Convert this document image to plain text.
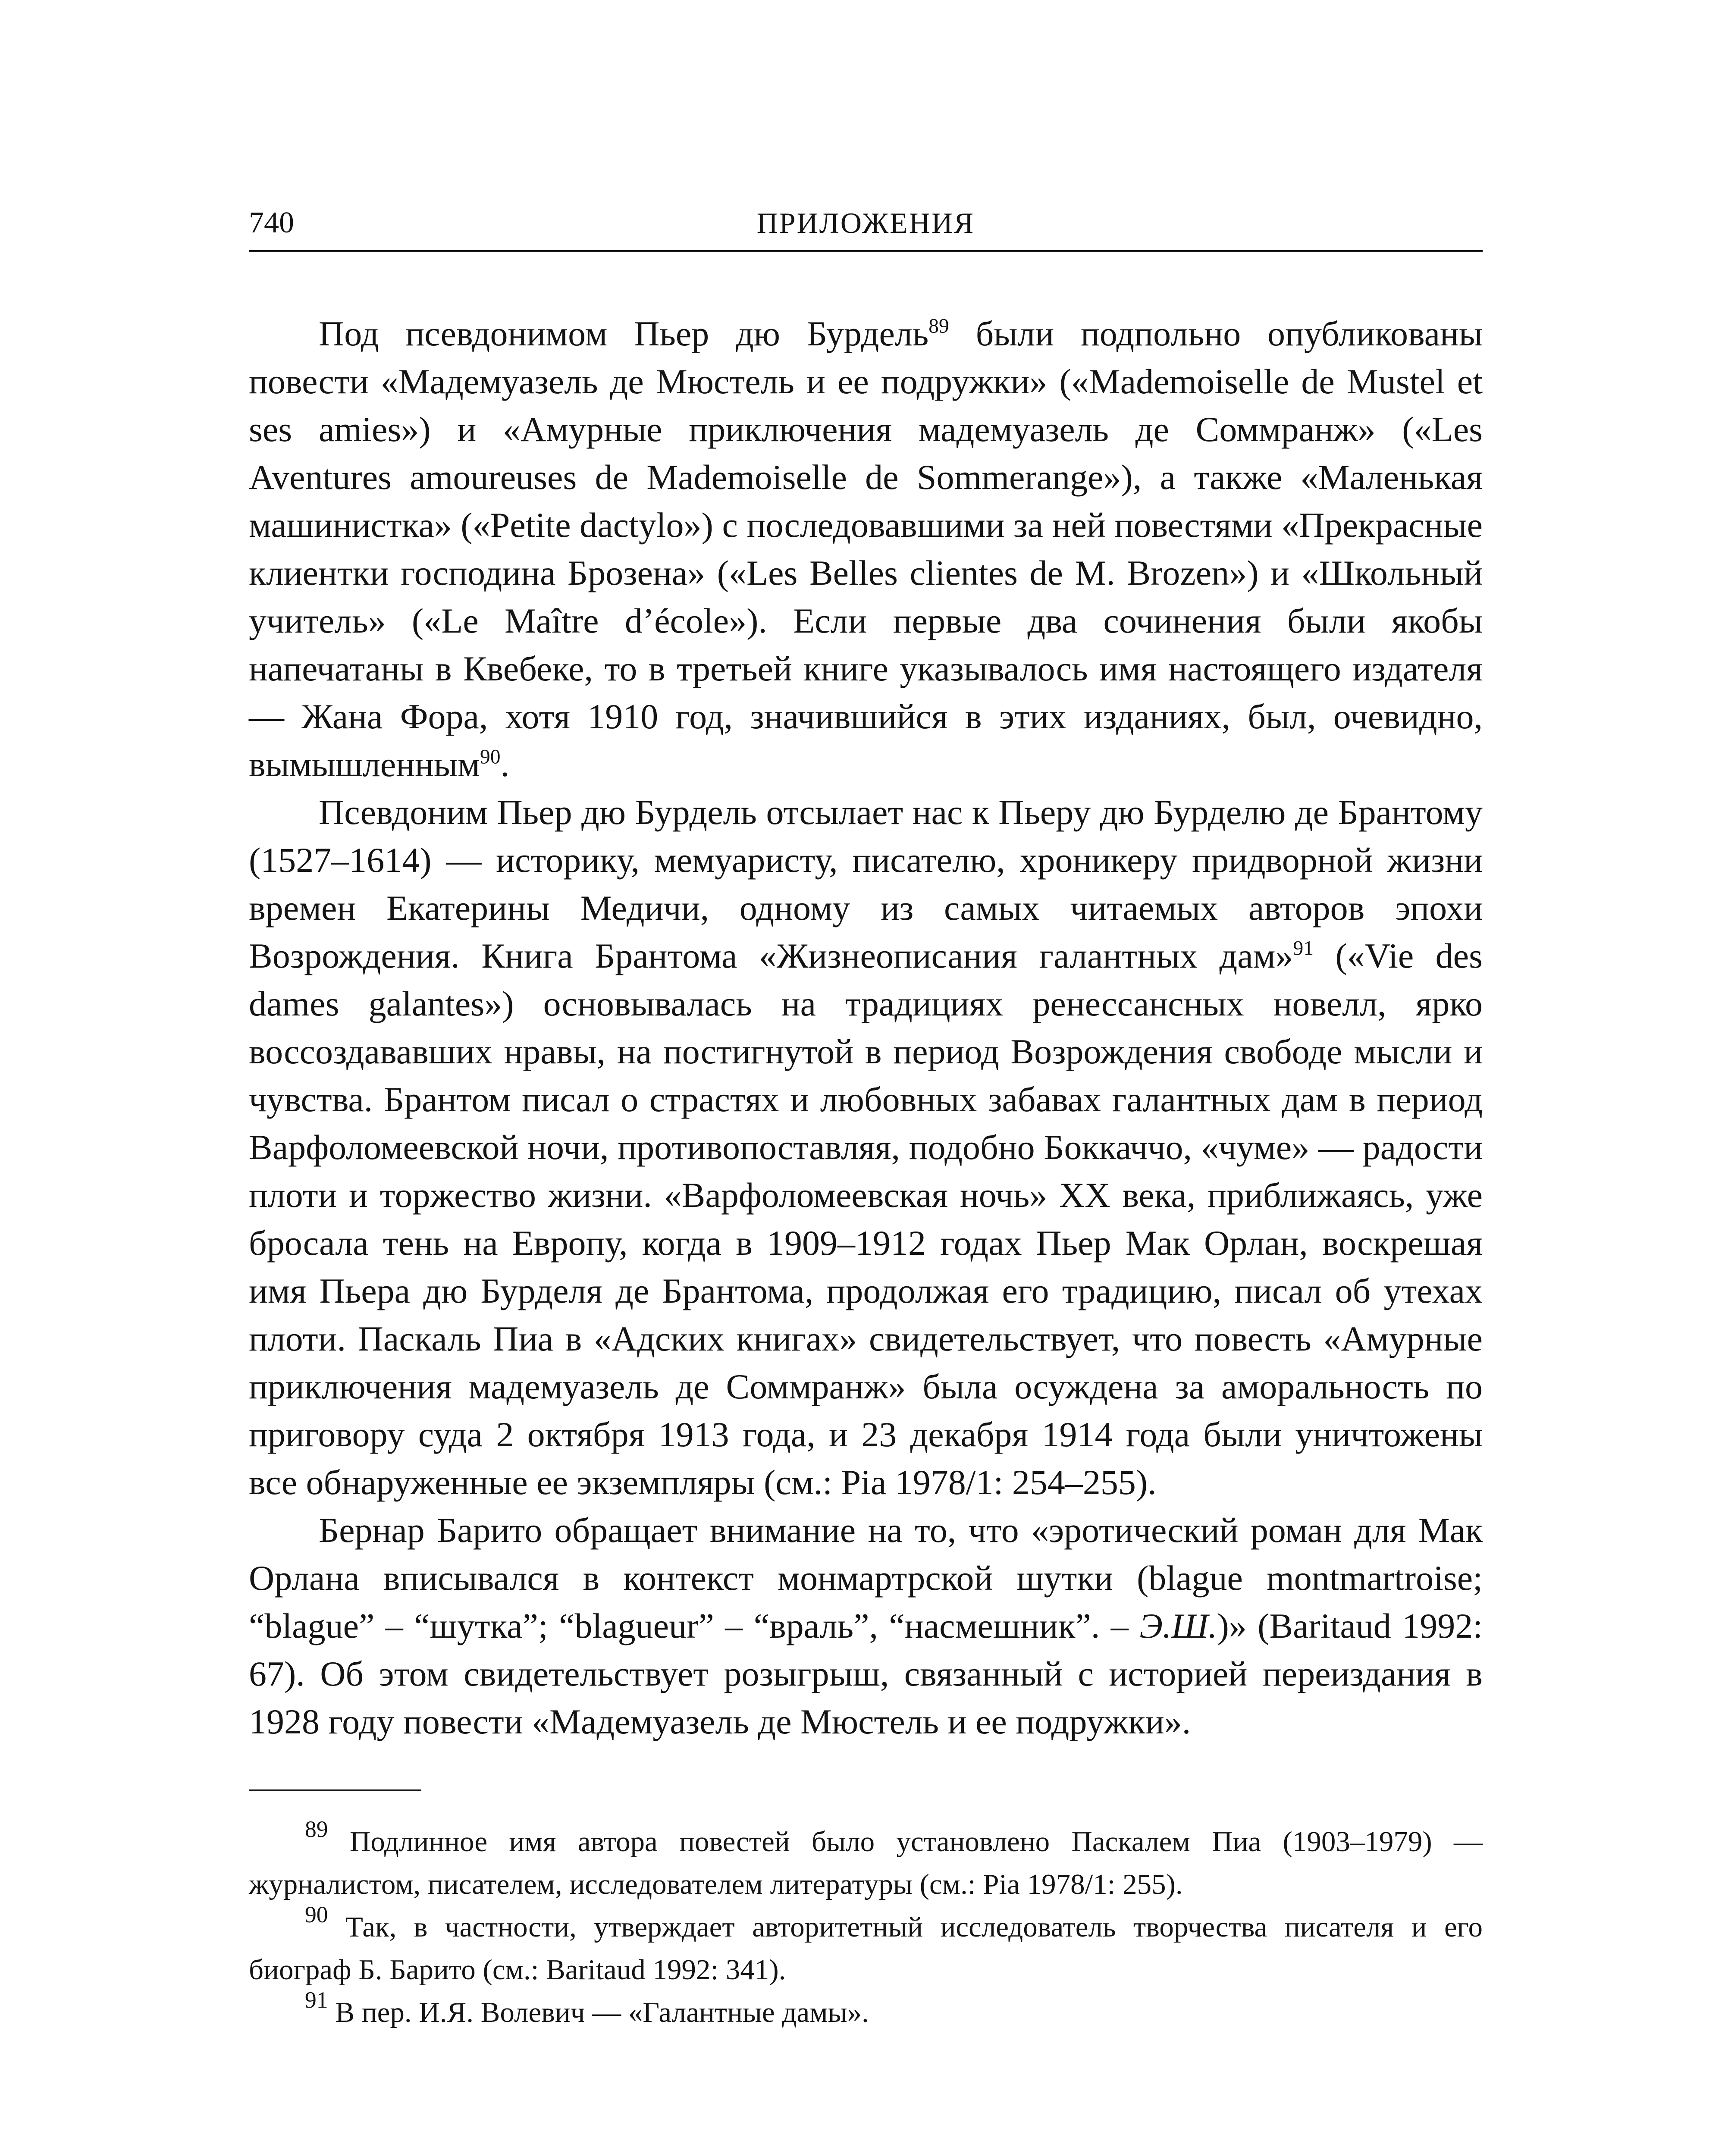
740	ПРИЛОЖЕНИЯ

Под псевдонимом Пьер дю Бурдель$^{89}$ были подпольно опубликованы повести «Мадемуазель де Мюстель и ее подружки» («Mademoiselle de Mustel et ses amies») и «Амурные приключения мадемуазель де Соммранж» («Les Aventures amoureuses de Mademoiselle de Sommerange»), а также «Маленькая машинистка» («Petite dactylo») с последовавшими за ней повестями «Прекрасные клиентки господина Брозена» («Les Belles clientes de M. Brozen») и «Школьный учитель» («Le Maître d’école»). Если первые два сочинения были якобы напечатаны в Квебеке, то в третьей книге указывалось имя настоящего издателя — Жана Фора, хотя 1910 год, значившийся в этих изданиях, был, очевидно, вымышленным$^{90}$.

Псевдоним Пьер дю Бурдель отсылает нас к Пьеру дю Бурделю де Брантому (1527–1614) — историку, мемуаристу, писателю, хроникеру придворной жизни времен Екатерины Медичи, одному из самых читаемых авторов эпохи Возрождения. Книга Брантома «Жизнеописания галантных дам»$^{91}$ («Vie des dames galantes») основывалась на традициях ренессансных новелл, ярко воссоздававших нравы, на постигнутой в период Возрождения свободе мысли и чувства. Брантом писал о страстях и любовных забавах галантных дам в период Варфоломеевской ночи, противопоставляя, подобно Боккаччо, «чуме» — радости плоти и торжество жизни. «Варфоломеевская ночь» ХХ века, приближаясь, уже бросала тень на Европу, когда в 1909–1912 годах Пьер Мак Орлан, воскрешая имя Пьера дю Бурделя де Брантома, продолжая его традицию, писал об утехах плоти. Паскаль Пиа в «Адских книгах» свидетельствует, что повесть «Амурные приключения мадемуазель де Соммранж» была осуждена за аморальность по приговору суда 2 октября 1913 года, и 23 декабря 1914 года были уничтожены все обнаруженные ее экземпляры (см.: Pia 1978/1: 254–255).

Бернар Барито обращает внимание на то, что «эротический роман для Мак Орлана вписывался в контекст монмартрской шутки (blague montmartroise; “blague” – “шутка”; “blagueur” – “враль”, “насмешник”. – Э.Ш.)» (Baritaud 1992: 67). Об этом свидетельствует розыгрыш, связанный с историей переиздания в 1928 году повести «Мадемуазель де Мюстель и ее подружки».

$^{89}$ Подлинное имя автора повестей было установлено Паскалем Пиа (1903–1979) — журналистом, писателем, исследователем литературы (см.: Pia 1978/1: 255).

$^{90}$ Так, в частности, утверждает авторитетный исследователь творчества писателя и его биограф Б. Барито (см.: Baritaud 1992: 341).

$^{91}$ В пер. И.Я. Волевич — «Галантные дамы».
